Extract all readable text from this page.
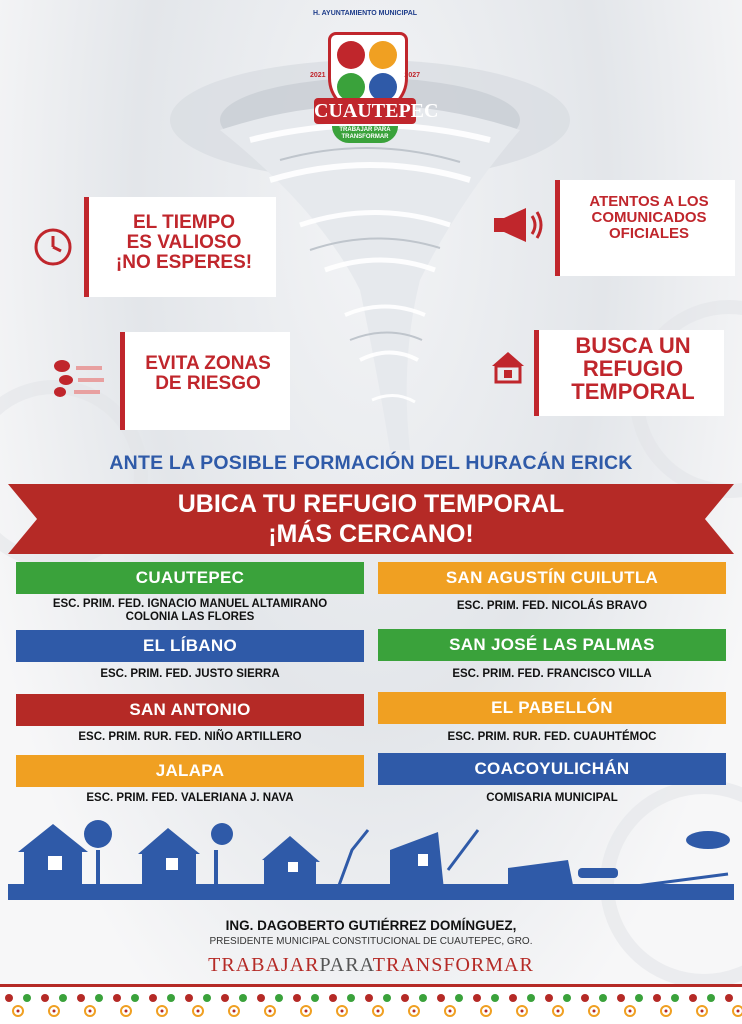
H. AYUNTAMIENTO MUNICIPAL
2021	2027
CUAUTEPEC
TRABAJAR PARA TRANSFORMAR
EL TIEMPO
ES VALIOSO
¡NO ESPERES!
ATENTOS A LOS
COMUNICADOS
OFICIALES
EVITA ZONAS
DE RIESGO
BUSCA UN
REFUGIO
TEMPORAL
ANTE LA POSIBLE FORMACIÓN DEL HURACÁN ERICK
UBICA TU REFUGIO TEMPORAL
¡MÁS CERCANO!
CUAUTEPEC
ESC. PRIM. FED. IGNACIO MANUEL ALTAMIRANO
COLONIA LAS FLORES
SAN AGUSTÍN CUILUTLA
ESC. PRIM. FED. NICOLÁS BRAVO
EL LÍBANO
ESC. PRIM. FED. JUSTO SIERRA
SAN JOSÉ LAS PALMAS
ESC. PRIM. FED. FRANCISCO VILLA
SAN ANTONIO
ESC. PRIM. RUR. FED. NIÑO ARTILLERO
EL PABELLÓN
ESC. PRIM. RUR. FED. CUAUHTÉMOC
JALAPA
ESC. PRIM. FED. VALERIANA J. NAVA
COACOYULICHÁN
COMISARIA MUNICIPAL
ING. DAGOBERTO GUTIÉRREZ DOMÍNGUEZ,
PRESIDENTE MUNICIPAL CONSTITUCIONAL DE CUAUTEPEC, GRO.
TRABAJARPARATRANSFORMAR
